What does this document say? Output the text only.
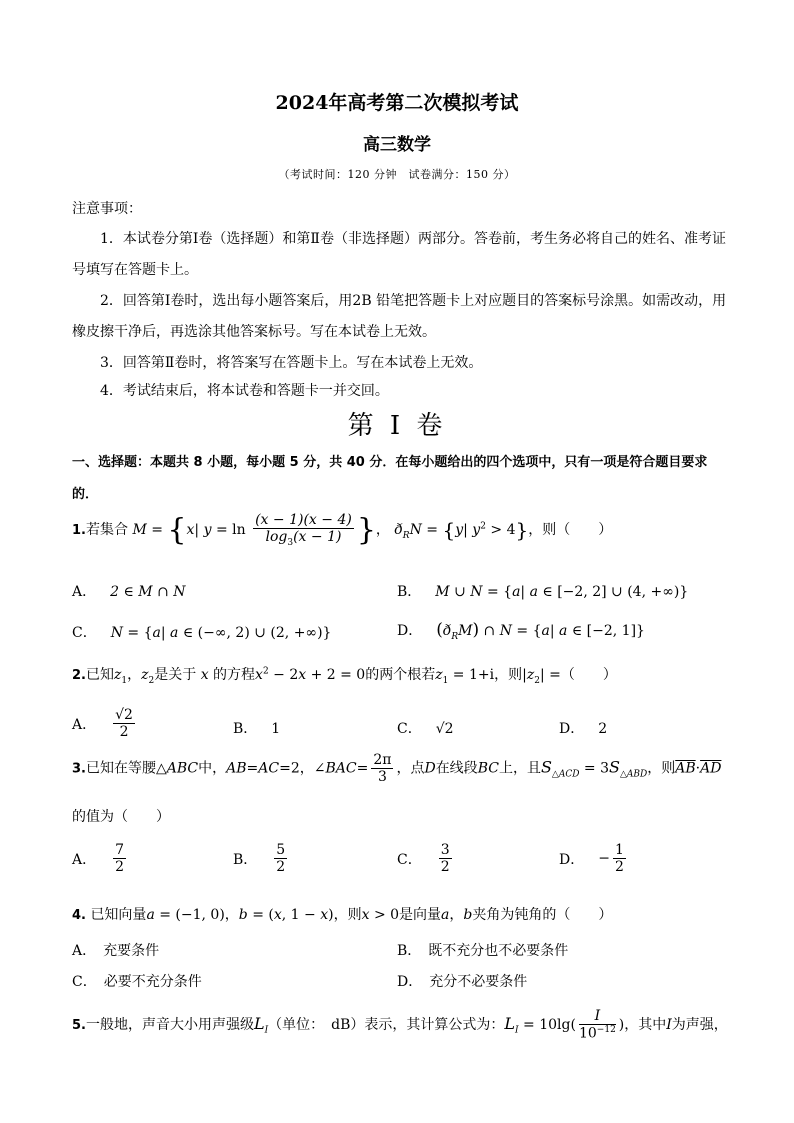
2024年高考第二次模拟考试
高三数学
（考试时间：120 分钟　试卷满分：150 分）
注意事项：
1．本试卷分第Ⅰ卷（选择题）和第Ⅱ卷（非选择题）两部分。答卷前，考生务必将自己的姓名、准考证号填写在答题卡上。
2．回答第Ⅰ卷时，选出每小题答案后，用2B 铅笔把答题卡上对应题目的答案标号涂黑。如需改动，用橡皮擦干净后，再选涂其他答案标号。写在本试卷上无效。
3．回答第Ⅱ卷时，将答案写在答题卡上。写在本试卷上无效。
4．考试结束后，将本试卷和答题卡一并交回。
第 I 卷
一、选择题：本题共 8 小题，每小题 5 分，共 40 分．在每小题给出的四个选项中，只有一项是符合题目要求的．
1.若集合 M = {x| $y = \ln \frac{(x - 1)(x - 4)}{\log_3(x - 1)}$ }， $ð_RN = \{y|$ $y^2 > 4$}，则（　　）
A． 2 ∈ M ∩ N	B． M ∪ N = {a| a ∈ [−2, 2] ∪ (4, +∞)}
C． N = {a| a ∈ (−∞, 2) ∪ (2, +∞)}	D． $(ð_RM)$ ∩ N = {a| a ∈ [−2, 1]}
2.已知$z_1$，$z_2$是关于 x 的方程$x^2 - 2x + 2 = 0$的两个根若$z_1 = 1+i$，则$|z_2|$ =（　　）
A． $\frac{√2}{2}$	B． 1	C． √2	D． 2
3.已知在等腰△ABC中，AB=AC=2，∠BAC= $\frac{2\pi}{3}$ ，点D在线段BC上，且$S_{\triangle ACD} = 3S_{\triangle ABD}$，则$\overline{AB}\cdot\overline{AD}$
的值为（　　）
A． $\frac{7}{2}$	B． $\frac{5}{2}$	C． $\frac{3}{2}$	D． − $\frac{1}{2}$
4. 已知向量a = (−1, 0)，b = (x, 1 − x)，则x > 0是向量a，b夹角为钝角的（　　）
A．　充要条件	B．　既不充分也不必要条件
C．　必要不充分条件	D．　充分不必要条件
5.一般地，声音大小用声强级$L_I$（单位：　dB）表示，其计算公式为：$L_I = 10\lg( \frac{I}{10^{-12}}$ )，其中I为声强，
